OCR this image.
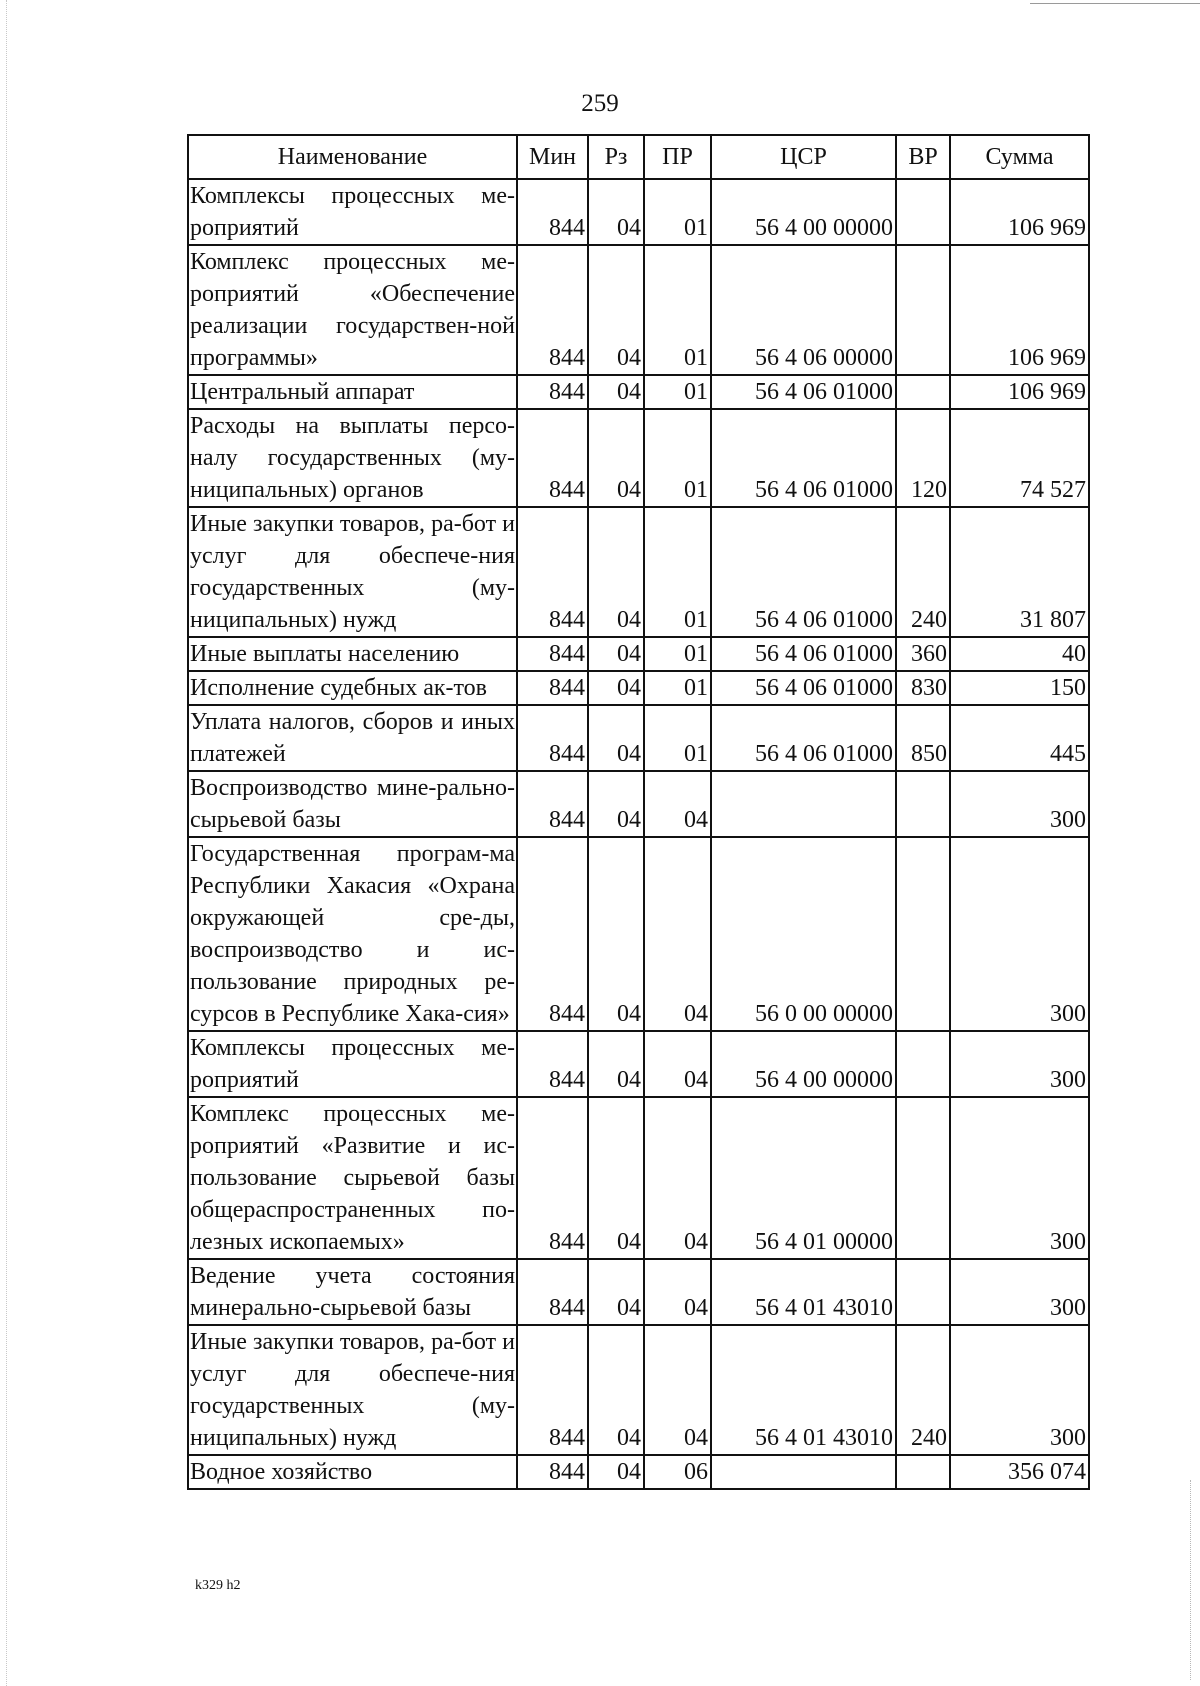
259
Наименование	Мин	Рз	ПР	ЦСР	ВР	Сумма
Комплексы процессных ме-роприятий	844	04	01	56 4 00 00000		106 969
Комплекс процессных ме-роприятий «Обеспечение реализации государствен-ной программы»	844	04	01	56 4 06 00000		106 969
Центральный аппарат	844	04	01	56 4 06 01000		106 969
Расходы на выплаты персо-налу государственных (му-ниципальных) органов	844	04	01	56 4 06 01000	120	74 527
Иные закупки товаров, ра-бот и услуг для обеспече-ния государственных (му-ниципальных) нужд	844	04	01	56 4 06 01000	240	31 807
Иные выплаты населению	844	04	01	56 4 06 01000	360	40
Исполнение судебных ак-тов	844	04	01	56 4 06 01000	830	150
Уплата налогов, сборов и иных платежей	844	04	01	56 4 06 01000	850	445
Воспроизводство мине-рально-сырьевой базы	844	04	04			300
Государственная програм-ма Республики Хакасия «Охрана окружающей сре-ды, воспроизводство и ис-пользование природных ре-сурсов в Республике Хака-сия»	844	04	04	56 0 00 00000		300
Комплексы процессных ме-роприятий	844	04	04	56 4 00 00000		300
Комплекс процессных ме-роприятий «Развитие и ис-пользование сырьевой базы общераспространенных по-лезных ископаемых»	844	04	04	56 4 01 00000		300
Ведение учета состояния минерально-сырьевой базы	844	04	04	56 4 01 43010		300
Иные закупки товаров, ра-бот и услуг для обеспече-ния государственных (му-ниципальных) нужд	844	04	04	56 4 01 43010	240	300
Водное хозяйство	844	04	06			356 074
k329 h2
